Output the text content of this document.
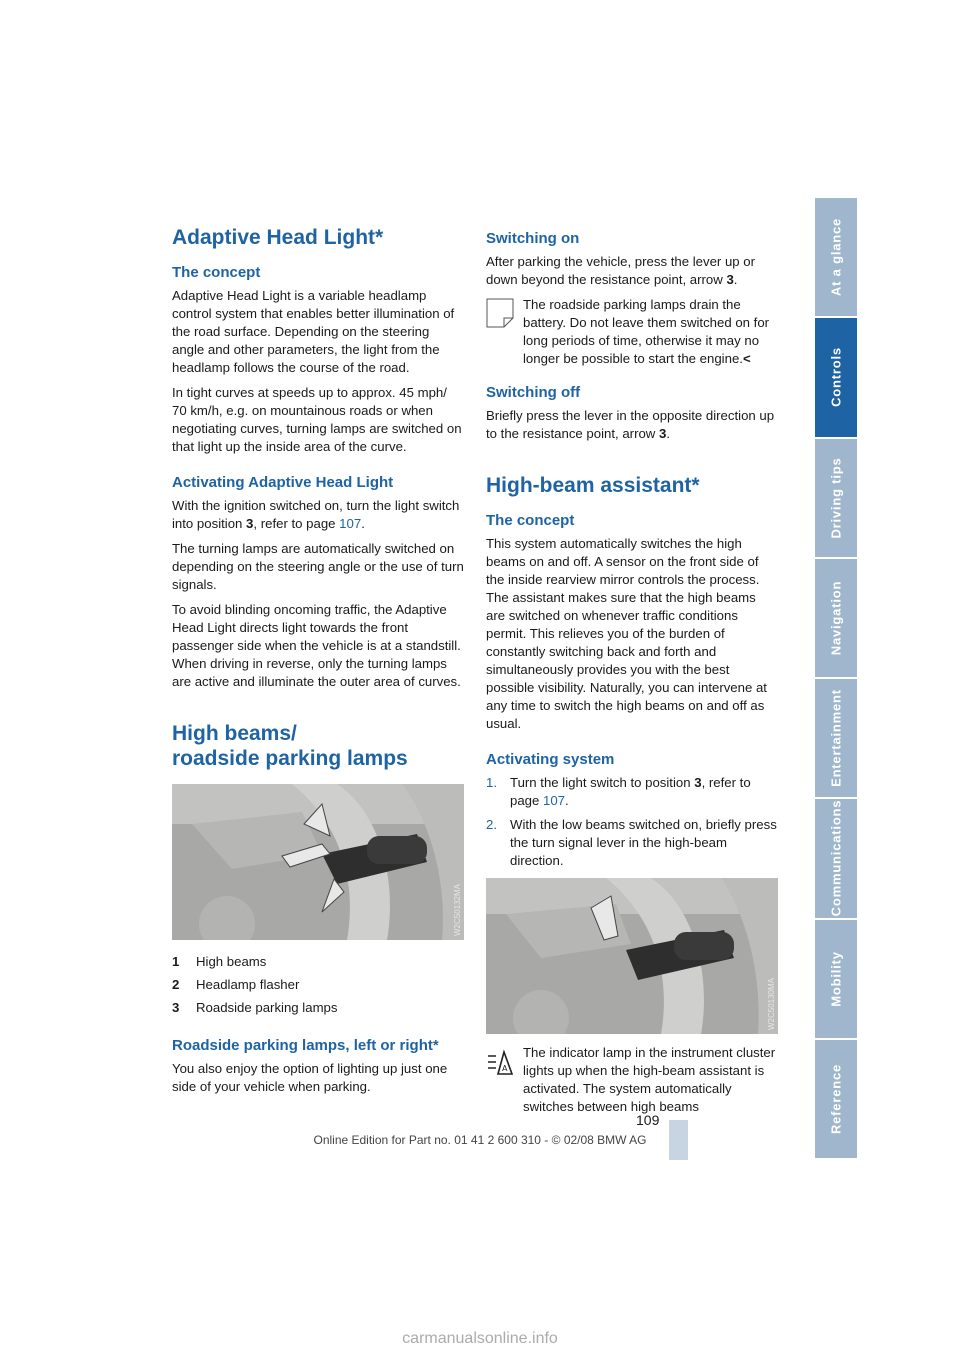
At a glance
Controls
Driving tips
Navigation
Entertainment
Communications
Mobility
Reference
Adaptive Head Light*
The concept

Adaptive Head Light is a variable headlamp control system that enables better illumination of the road surface. Depending on the steering angle and other parameters, the light from the headlamp follows the course of the road.

In tight curves at speeds up to approx. 45 mph/ 70 km/h, e.g. on mountainous roads or when negotiating curves, turning lamps are switched on that light up the inside area of the curve.

Activating Adaptive Head Light

With the ignition switched on, turn the light switch into position 3, refer to page 107.

The turning lamps are automatically switched on depending on the steering angle or the use of turn signals.

To avoid blinding oncoming traffic, the Adaptive Head Light directs light towards the front passenger side when the vehicle is at a standstill. When driving in reverse, only the turning lamps are active and illuminate the outer area of curves.

High beams/
roadside parking lamps
W2C50132MA
1	High beams
2	Headlamp flasher
3	Roadside parking lamps
Roadside parking lamps, left or right*

You also enjoy the option of lighting up just one side of your vehicle when parking.

Switching on

After parking the vehicle, press the lever up or down beyond the resistance point, arrow 3.

The roadside parking lamps drain the battery. Do not leave them switched on for long periods of time, otherwise it may no longer be possible to start the engine.<
Switching off

Briefly press the lever in the opposite direction up to the resistance point, arrow 3.

High-beam assistant*
The concept

This system automatically switches the high beams on and off. A sensor on the front side of the inside rearview mirror controls the process. The assistant makes sure that the high beams are switched on whenever traffic conditions permit. This relieves you of the burden of constantly switching back and forth and simultaneously provides you with the best possible visibility. Naturally, you can intervene at any time to switch the high beams on and off as usual.

Activating system
1. Turn the light switch to position 3, refer to page 107.
2. With the low beams switched on, briefly press the turn signal lever in the high-beam direction.
W2C50130MA
A
The indicator lamp in the instrument cluster lights up when the high-beam assistant is activated. The system automatically switches between high beams
109
Online Edition for Part no. 01 41 2 600 310 - © 02/08 BMW AG
carmanualsonline.info
